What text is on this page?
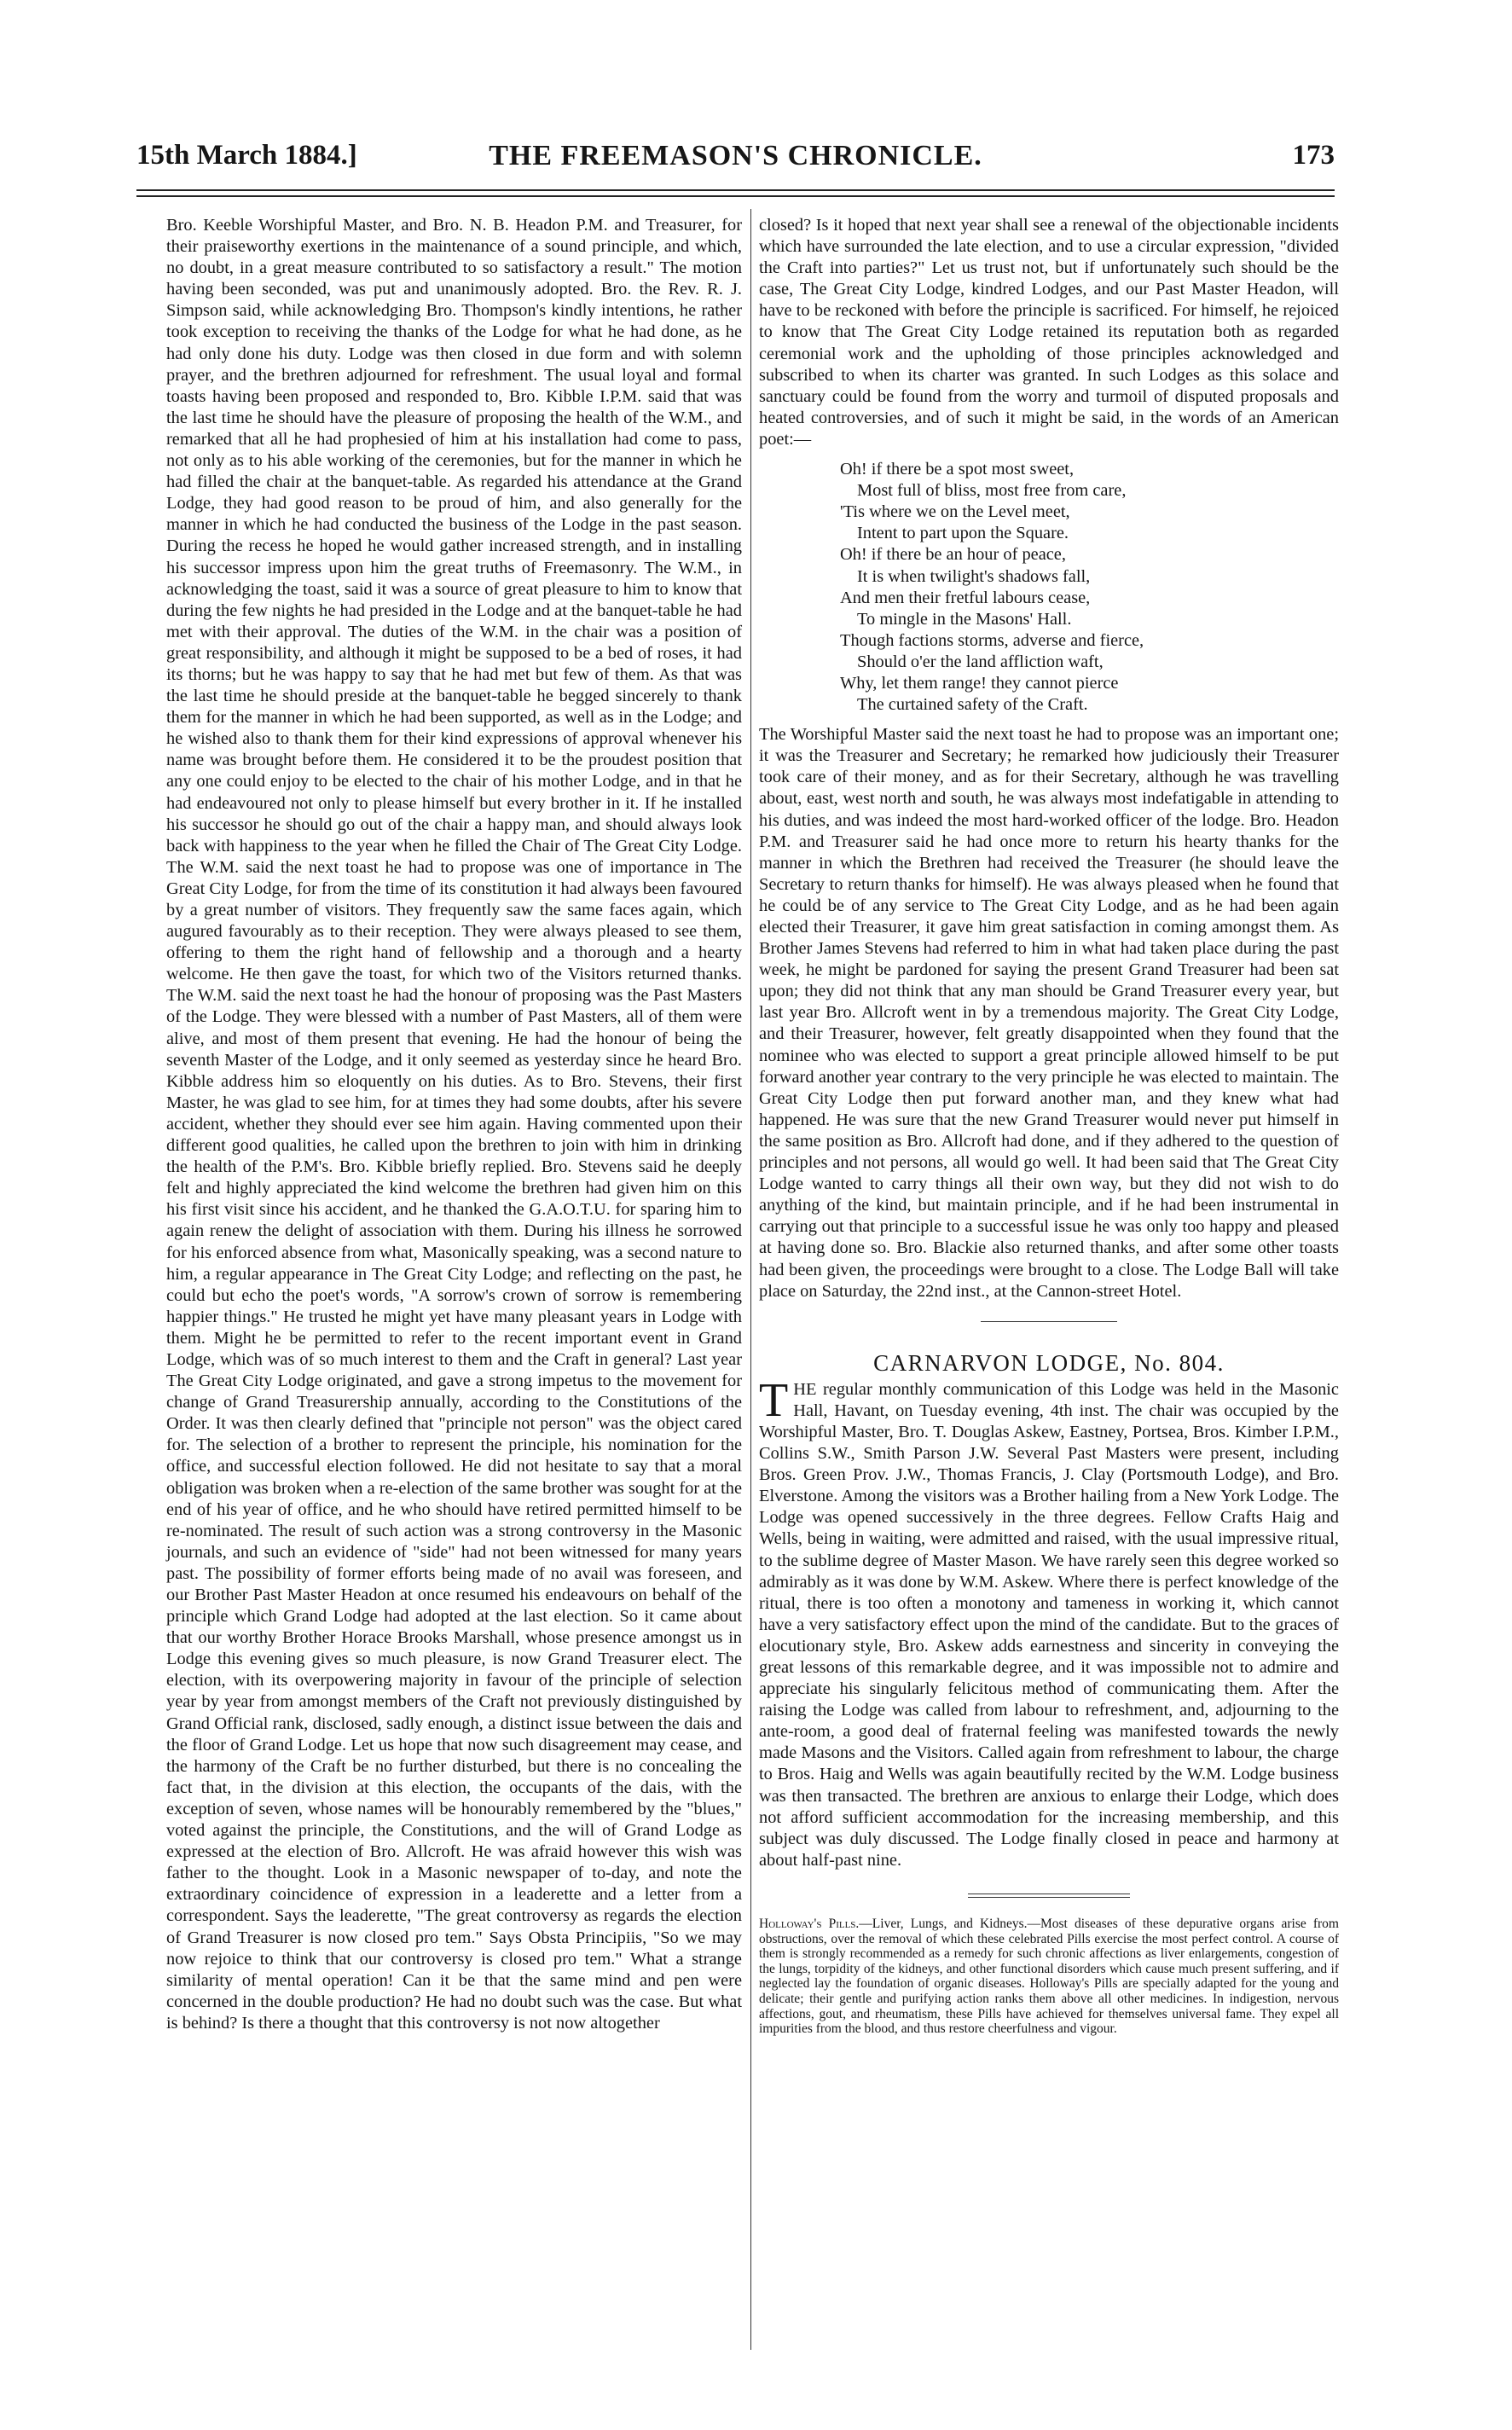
THE FREEMASON'S CHRONICLE.
15th March 1884.]	173

Bro. Keeble Worshipful Master, and Bro. N. B. Headon P.M. and Treasurer, for their praiseworthy exertions in the maintenance of a sound principle, and which, no doubt, in a great measure contributed to so satisfactory a result." The motion having been seconded, was put and unanimously adopted. Bro. the Rev. R. J. Simpson said, while acknowledging Bro. Thompson's kindly intentions, he rather took exception to receiving the thanks of the Lodge for what he had done, as he had only done his duty. Lodge was then closed in due form and with solemn prayer, and the brethren adjourned for refreshment. The usual loyal and formal toasts having been proposed and responded to, Bro. Kibble I.P.M. said that was the last time he should have the pleasure of proposing the health of the W.M., and remarked that all he had prophesied of him at his installation had come to pass, not only as to his able working of the ceremonies, but for the manner in which he had filled the chair at the banquet-table. As regarded his attendance at the Grand Lodge, they had good reason to be proud of him, and also generally for the manner in which he had conducted the business of the Lodge in the past season. During the recess he hoped he would gather increased strength, and in installing his successor impress upon him the great truths of Freemasonry. The W.M., in acknowledging the toast, said it was a source of great pleasure to him to know that during the few nights he had presided in the Lodge and at the banquet-table he had met with their approval. The duties of the W.M. in the chair was a position of great responsibility, and although it might be supposed to be a bed of roses, it had its thorns; but he was happy to say that he had met but few of them. As that was the last time he should preside at the banquet-table he begged sincerely to thank them for the manner in which he had been supported, as well as in the Lodge; and he wished also to thank them for their kind expressions of approval whenever his name was brought before them. He considered it to be the proudest position that any one could enjoy to be elected to the chair of his mother Lodge, and in that he had endeavoured not only to please himself but every brother in it. If he installed his successor he should go out of the chair a happy man, and should always look back with happiness to the year when he filled the Chair of The Great City Lodge. The W.M. said the next toast he had to propose was one of importance in The Great City Lodge, for from the time of its constitution it had always been favoured by a great number of visitors. They frequently saw the same faces again, which augured favourably as to their reception. They were always pleased to see them, offering to them the right hand of fellowship and a thorough and a hearty welcome. He then gave the toast, for which two of the Visitors returned thanks. The W.M. said the next toast he had the honour of proposing was the Past Masters of the Lodge. They were blessed with a number of Past Masters, all of them were alive, and most of them present that evening. He had the honour of being the seventh Master of the Lodge, and it only seemed as yesterday since he heard Bro. Kibble address him so eloquently on his duties. As to Bro. Stevens, their first Master, he was glad to see him, for at times they had some doubts, after his severe accident, whether they should ever see him again. Having commented upon their different good qualities, he called upon the brethren to join with him in drinking the health of the P.M's. Bro. Kibble briefly replied. Bro. Stevens said he deeply felt and highly appreciated the kind welcome the brethren had given him on this his first visit since his accident, and he thanked the G.A.O.T.U. for sparing him to again renew the delight of association with them. During his illness he sorrowed for his enforced absence from what, Masonically speaking, was a second nature to him, a regular appearance in The Great City Lodge; and reflecting on the past, he could but echo the poet's words, "A sorrow's crown of sorrow is remembering happier things." He trusted he might yet have many pleasant years in Lodge with them. Might he be permitted to refer to the recent important event in Grand Lodge, which was of so much interest to them and the Craft in general? Last year The Great City Lodge originated, and gave a strong impetus to the movement for change of Grand Treasurership annually, according to the Constitutions of the Order. It was then clearly defined that "principle not person" was the object cared for. The selection of a brother to represent the principle, his nomination for the office, and successful election followed. He did not hesitate to say that a moral obligation was broken when a re-election of the same brother was sought for at the end of his year of office, and he who should have retired permitted himself to be re-nominated. The result of such action was a strong controversy in the Masonic journals, and such an evidence of "side" had not been witnessed for many years past. The possibility of former efforts being made of no avail was foreseen, and our Brother Past Master Headon at once resumed his endeavours on behalf of the principle which Grand Lodge had adopted at the last election. So it came about that our worthy Brother Horace Brooks Marshall, whose presence amongst us in Lodge this evening gives so much pleasure, is now Grand Treasurer elect. The election, with its overpowering majority in favour of the principle of selection year by year from amongst members of the Craft not previously distinguished by Grand Official rank, disclosed, sadly enough, a distinct issue between the dais and the floor of Grand Lodge. Let us hope that now such disagreement may cease, and the harmony of the Craft be no further disturbed, but there is no concealing the fact that, in the division at this election, the occupants of the dais, with the exception of seven, whose names will be honourably remembered by the "blues," voted against the principle, the Constitutions, and the will of Grand Lodge as expressed at the election of Bro. Allcroft. He was afraid however this wish was father to the thought. Look in a Masonic newspaper of to-day, and note the extraordinary coincidence of expression in a leaderette and a letter from a correspondent. Says the leaderette, "The great controversy as regards the election of Grand Treasurer is now closed pro tem." Says Obsta Principiis, "So we may now rejoice to think that our controversy is closed pro tem." What a strange similarity of mental operation! Can it be that the same mind and pen were concerned in the double production? He had no doubt such was the case. But what is behind? Is there a thought that this controversy is not now altogether

closed? Is it hoped that next year shall see a renewal of the objectionable incidents which have surrounded the late election, and to use a circular expression, "divided the Craft into parties?" Let us trust not, but if unfortunately such should be the case, The Great City Lodge, kindred Lodges, and our Past Master Headon, will have to be reckoned with before the principle is sacrificed. For himself, he rejoiced to know that The Great City Lodge retained its reputation both as regarded ceremonial work and the upholding of those principles acknowledged and subscribed to when its charter was granted. In such Lodges as this solace and sanctuary could be found from the worry and turmoil of disputed proposals and heated controversies, and of such it might be said, in the words of an American poet:—

Oh! if there be a spot most sweet,
Most full of bliss, most free from care,
'Tis where we on the Level meet,
Intent to part upon the Square.
Oh! if there be an hour of peace,
It is when twilight's shadows fall,
And men their fretful labours cease,
To mingle in the Masons' Hall.
Though factions storms, adverse and fierce,
Should o'er the land affliction waft,
Why, let them range! they cannot pierce
The curtained safety of the Craft.

The Worshipful Master said the next toast he had to propose was an important one; it was the Treasurer and Secretary; he remarked how judiciously their Treasurer took care of their money, and as for their Secretary, although he was travelling about, east, west north and south, he was always most indefatigable in attending to his duties, and was indeed the most hard-worked officer of the lodge. Bro. Headon P.M. and Treasurer said he had once more to return his hearty thanks for the manner in which the Brethren had received the Treasurer (he should leave the Secretary to return thanks for himself). He was always pleased when he found that he could be of any service to The Great City Lodge, and as he had been again elected their Treasurer, it gave him great satisfaction in coming amongst them. As Brother James Stevens had referred to him in what had taken place during the past week, he might be pardoned for saying the present Grand Treasurer had been sat upon; they did not think that any man should be Grand Treasurer every year, but last year Bro. Allcroft went in by a tremendous majority. The Great City Lodge, and their Treasurer, however, felt greatly disappointed when they found that the nominee who was elected to support a great principle allowed himself to be put forward another year contrary to the very principle he was elected to maintain. The Great City Lodge then put forward another man, and they knew what had happened. He was sure that the new Grand Treasurer would never put himself in the same position as Bro. Allcroft had done, and if they adhered to the question of principles and not persons, all would go well. It had been said that The Great City Lodge wanted to carry things all their own way, but they did not wish to do anything of the kind, but maintain principle, and if he had been instrumental in carrying out that principle to a successful issue he was only too happy and pleased at having done so. Bro. Blackie also returned thanks, and after some other toasts had been given, the proceedings were brought to a close. The Lodge Ball will take place on Saturday, the 22nd inst., at the Cannon-street Hotel.

CARNARVON LODGE, No. 804.

THE regular monthly communication of this Lodge was held in the Masonic Hall, Havant, on Tuesday evening, 4th inst. The chair was occupied by the Worshipful Master, Bro. T. Douglas Askew, Eastney, Portsea, Bros. Kimber I.P.M., Collins S.W., Smith Parson J.W. Several Past Masters were present, including Bros. Green Prov. J.W., Thomas Francis, J. Clay (Portsmouth Lodge), and Bro. Elverstone. Among the visitors was a Brother hailing from a New York Lodge. The Lodge was opened successively in the three degrees. Fellow Crafts Haig and Wells, being in waiting, were admitted and raised, with the usual impressive ritual, to the sublime degree of Master Mason. We have rarely seen this degree worked so admirably as it was done by W.M. Askew. Where there is perfect knowledge of the ritual, there is too often a monotony and tameness in working it, which cannot have a very satisfactory effect upon the mind of the candidate. But to the graces of elocutionary style, Bro. Askew adds earnestness and sincerity in conveying the great lessons of this remarkable degree, and it was impossible not to admire and appreciate his singularly felicitous method of communicating them. After the raising the Lodge was called from labour to refreshment, and, adjourning to the ante-room, a good deal of fraternal feeling was manifested towards the newly made Masons and the Visitors. Called again from refreshment to labour, the charge to Bros. Haig and Wells was again beautifully recited by the W.M. Lodge business was then transacted. The brethren are anxious to enlarge their Lodge, which does not afford sufficient accommodation for the increasing membership, and this subject was duly discussed. The Lodge finally closed in peace and harmony at about half-past nine.

Holloway's Pills.—Liver, Lungs, and Kidneys.—Most diseases of these depurative organs arise from obstructions, over the removal of which these celebrated Pills exercise the most perfect control. A course of them is strongly recommended as a remedy for such chronic affections as liver enlargements, congestion of the lungs, torpidity of the kidneys, and other functional disorders which cause much present suffering, and if neglected lay the foundation of organic diseases. Holloway's Pills are specially adapted for the young and delicate; their gentle and purifying action ranks them above all other medicines. In indigestion, nervous affections, gout, and rheumatism, these Pills have achieved for themselves universal fame. They expel all impurities from the blood, and thus restore cheerfulness and vigour.
